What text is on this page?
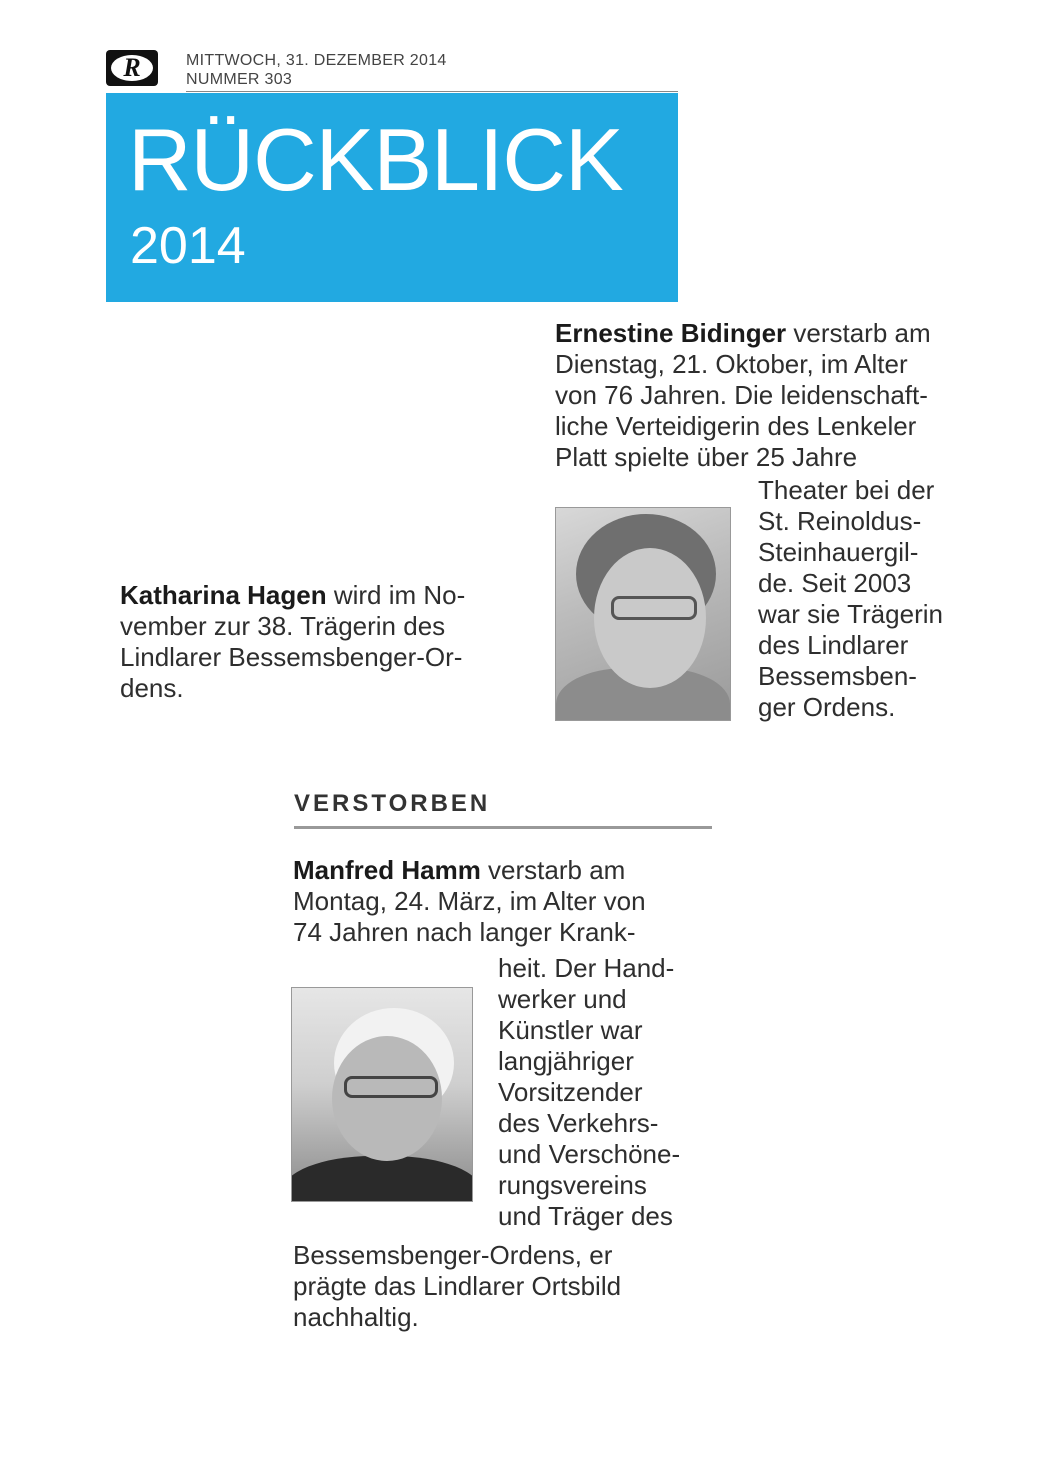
R	MITTWOCH, 31. DEZEMBER 2014
NUMMER 303
RÜCKBLICK
2014
Ernestine Bidinger verstarb am
Dienstag, 21. Oktober, im Alter
von 76 Jahren. Die leidenschaft-
liche Verteidigerin des Lenkeler
Platt spielte über 25 Jahre
Theater bei der
St. Reinoldus-
Steinhauergil-
de. Seit 2003
war sie Trägerin
des Lindlarer
Bessemsben-
ger Ordens.
Katharina Hagen wird im No-
vember zur 38. Trägerin des
Lindlarer Bessemsbenger-Or-
dens.
VERSTORBEN
Manfred Hamm verstarb am
Montag, 24. März, im Alter von
74 Jahren nach langer Krank-
heit. Der Hand-
werker und
Künstler war
langjähriger
Vorsitzender
des Verkehrs-
und Verschöne-
rungsvereins
und Träger des
Bessemsbenger-Ordens, er
prägte das Lindlarer Ortsbild
nachhaltig.
